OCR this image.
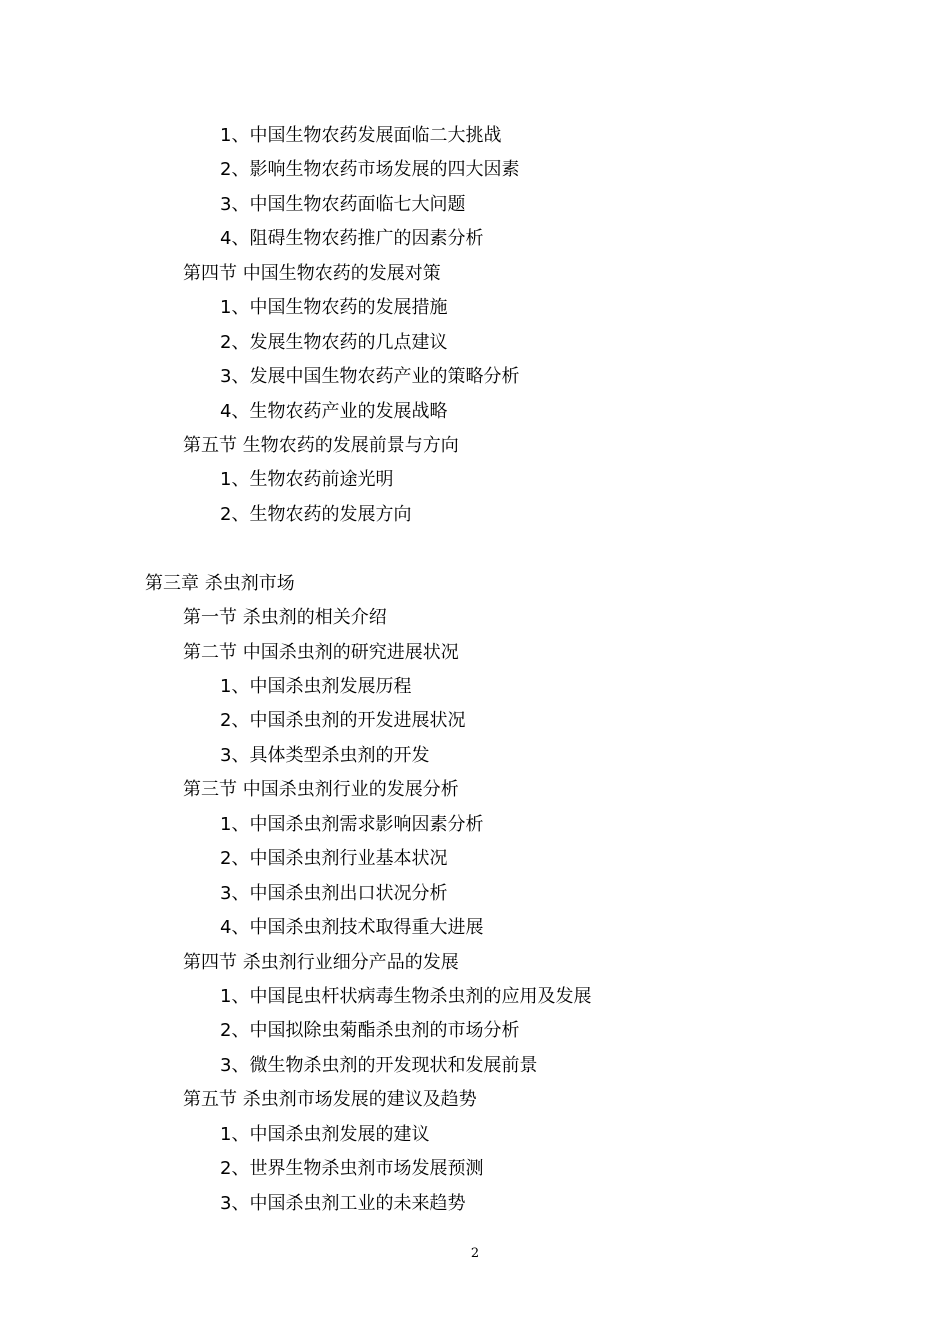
1、中国生物农药发展面临二大挑战
2、影响生物农药市场发展的四大因素
3、中国生物农药面临七大问题
4、阻碍生物农药推广的因素分析
第四节 中国生物农药的发展对策
1、中国生物农药的发展措施
2、发展生物农药的几点建议
3、发展中国生物农药产业的策略分析
4、生物农药产业的发展战略
第五节 生物农药的发展前景与方向
1、生物农药前途光明
2、生物农药的发展方向
第三章 杀虫剂市场
第一节 杀虫剂的相关介绍
第二节 中国杀虫剂的研究进展状况
1、中国杀虫剂发展历程
2、中国杀虫剂的开发进展状况
3、具体类型杀虫剂的开发
第三节 中国杀虫剂行业的发展分析
1、中国杀虫剂需求影响因素分析
2、中国杀虫剂行业基本状况
3、中国杀虫剂出口状况分析
4、中国杀虫剂技术取得重大进展
第四节 杀虫剂行业细分产品的发展
1、中国昆虫杆状病毒生物杀虫剂的应用及发展
2、中国拟除虫菊酯杀虫剂的市场分析
3、微生物杀虫剂的开发现状和发展前景
第五节 杀虫剂市场发展的建议及趋势
1、中国杀虫剂发展的建议
2、世界生物杀虫剂市场发展预测
3、中国杀虫剂工业的未来趋势
2
